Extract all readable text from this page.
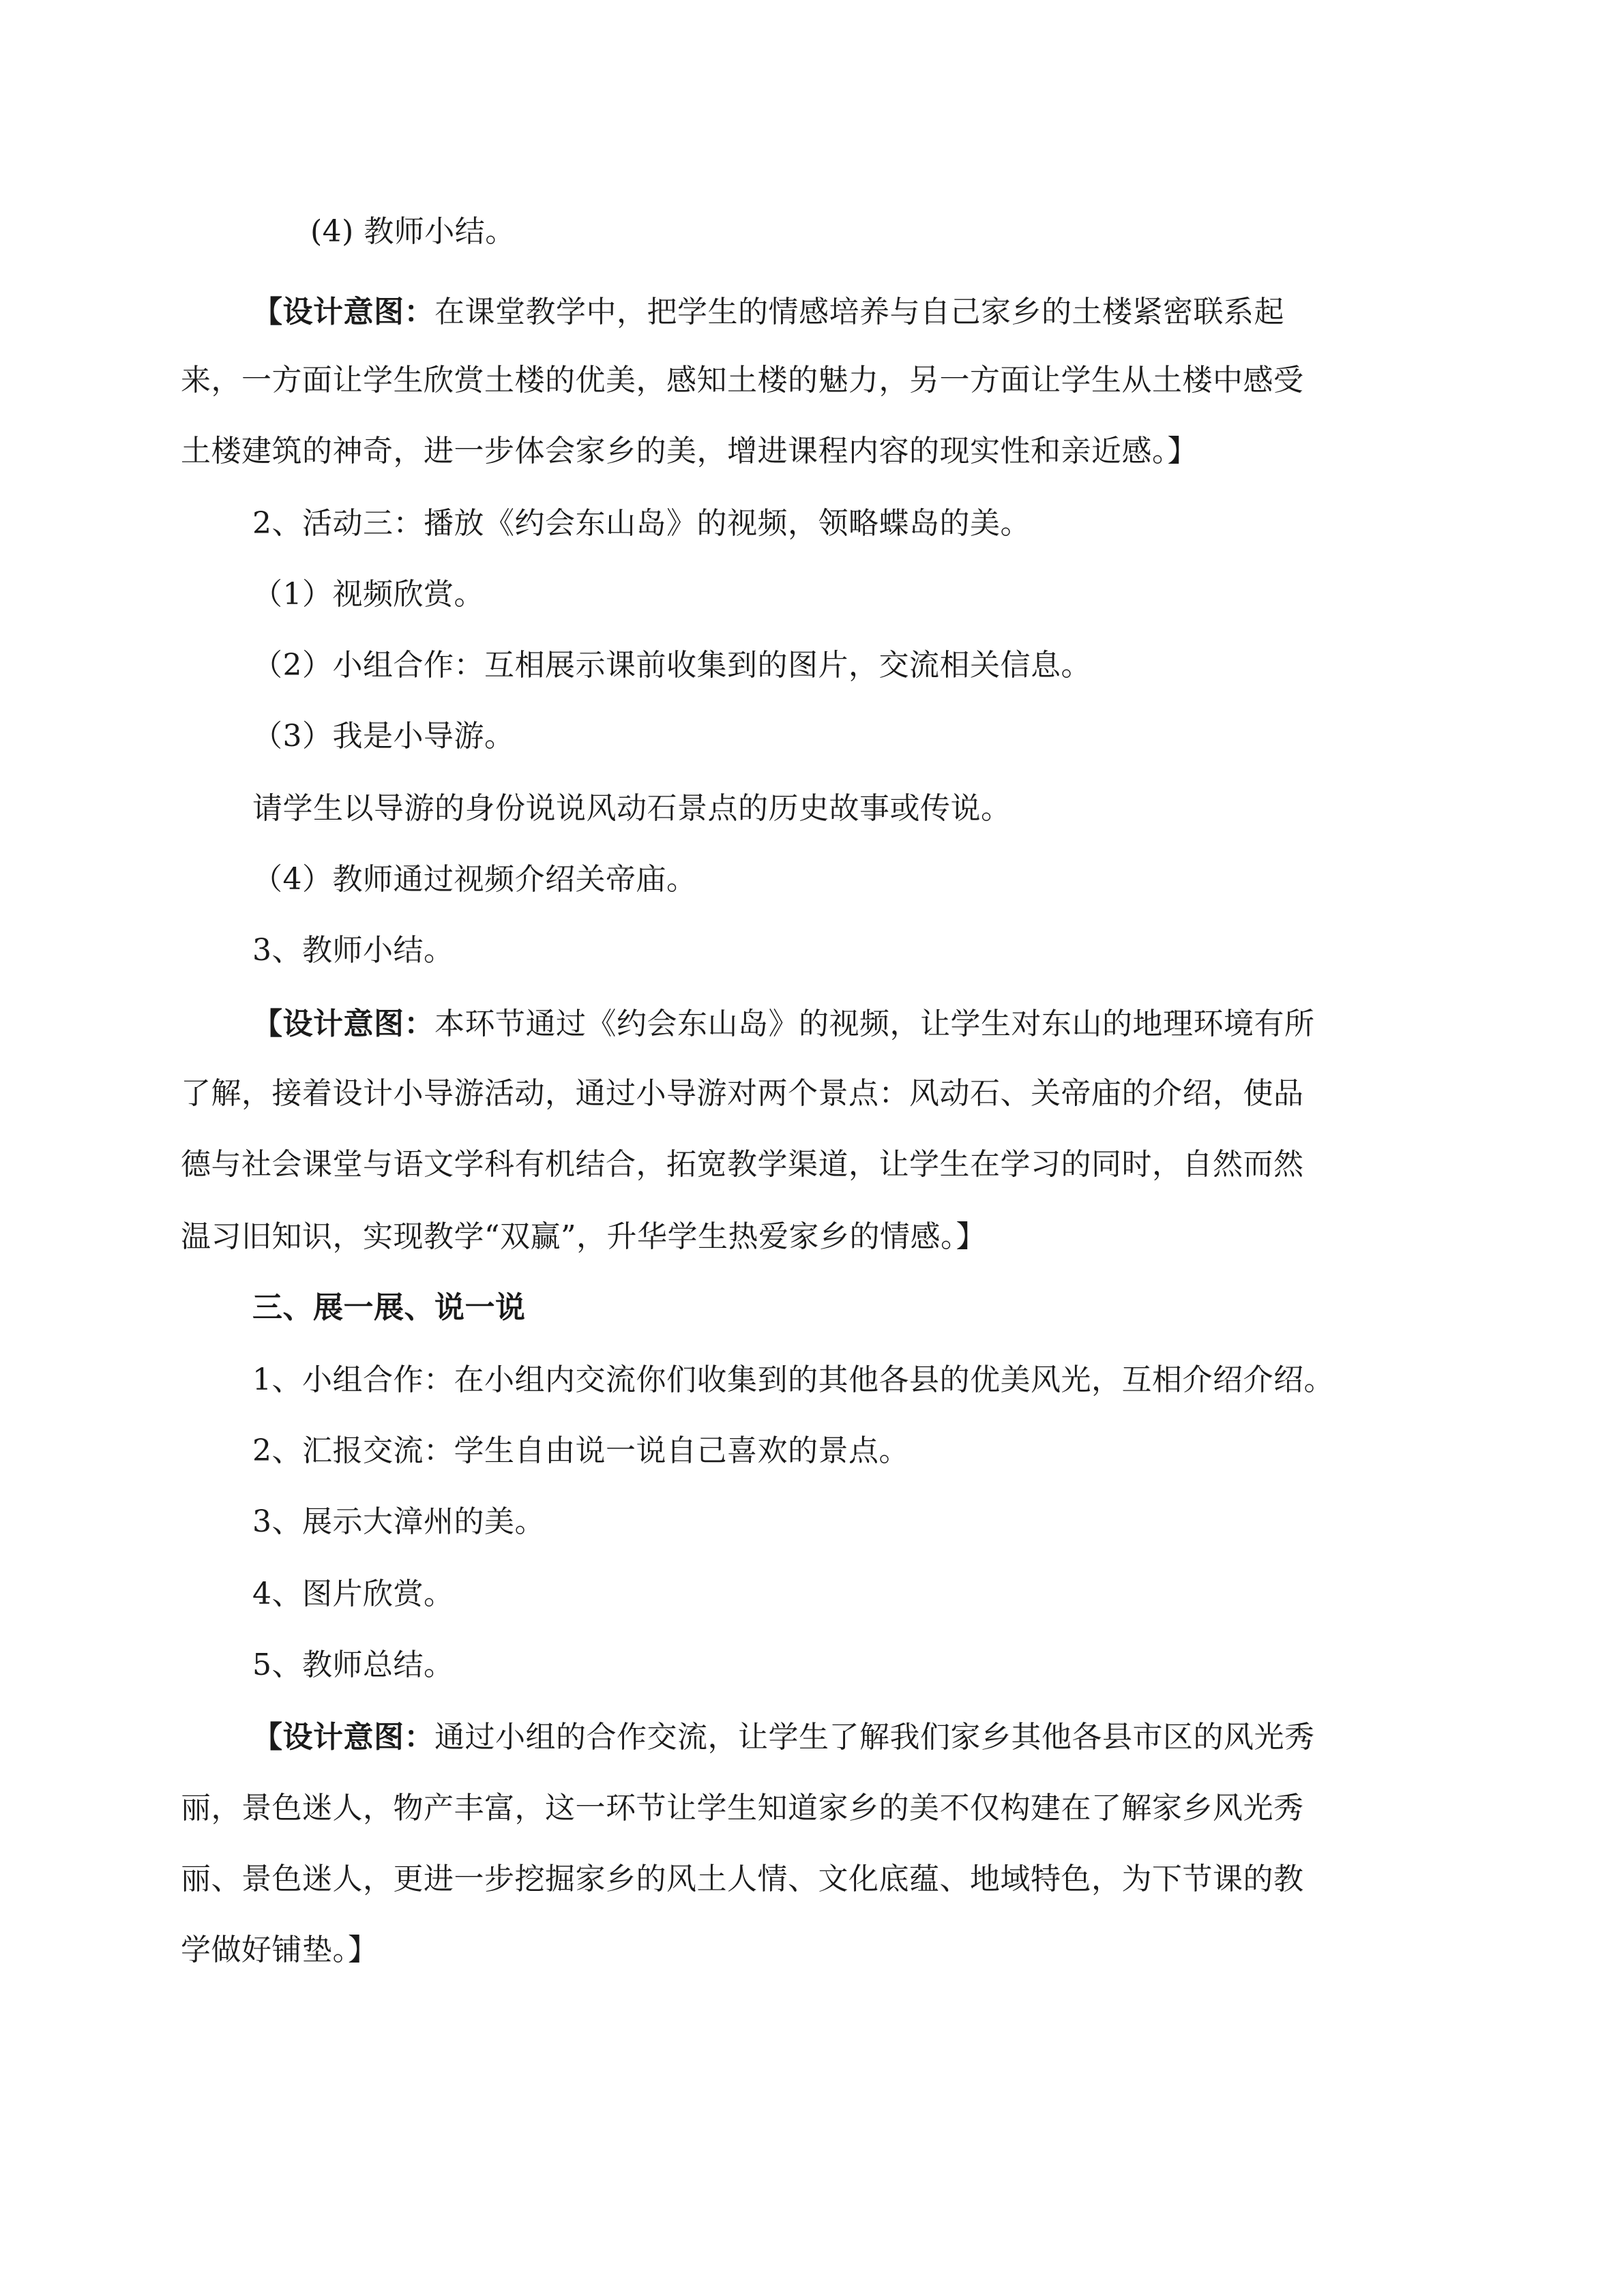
(4) 教师小结。
【设计意图：在课堂教学中，把学生的情感培养与自己家乡的土楼紧密联系起
来，一方面让学生欣赏土楼的优美，感知土楼的魅力，另一方面让学生从土楼中感受
土楼建筑的神奇，进一步体会家乡的美，增进课程内容的现实性和亲近感。】
2、活动三：播放《约会东山岛》的视频，领略蝶岛的美。
（1）视频欣赏。
（2）小组合作：互相展示课前收集到的图片，交流相关信息。
（3）我是小导游。
请学生以导游的身份说说风动石景点的历史故事或传说。
（4）教师通过视频介绍关帝庙。
3、教师小结。
【设计意图：本环节通过《约会东山岛》的视频，让学生对东山的地理环境有所
了解，接着设计小导游活动，通过小导游对两个景点：风动石、关帝庙的介绍，使品
德与社会课堂与语文学科有机结合，拓宽教学渠道，让学生在学习的同时，自然而然
温习旧知识，实现教学“双赢”，升华学生热爱家乡的情感。】
三、展一展、说一说
1、小组合作：在小组内交流你们收集到的其他各县的优美风光，互相介绍介绍。
2、汇报交流：学生自由说一说自己喜欢的景点。
3、展示大漳州的美。
4、图片欣赏。
5、教师总结。
【设计意图：通过小组的合作交流，让学生了解我们家乡其他各县市区的风光秀
丽，景色迷人，物产丰富，这一环节让学生知道家乡的美不仅构建在了解家乡风光秀
丽、景色迷人，更进一步挖掘家乡的风土人情、文化底蕴、地域特色，为下节课的教
学做好铺垫。】
